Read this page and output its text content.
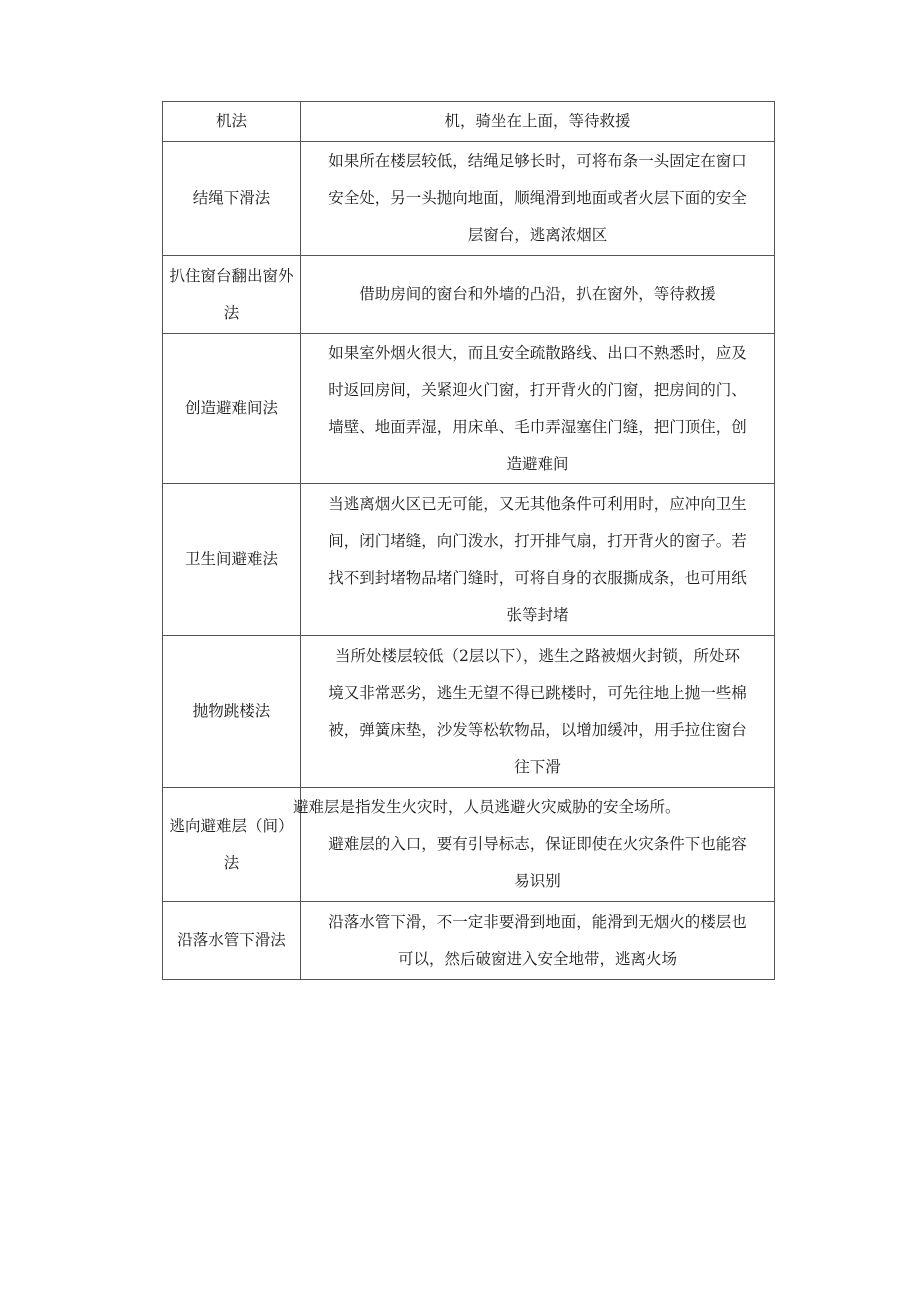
机法	机，骑坐在上面，等待救援

结绳下滑法	如果所在楼层较低，结绳足够长时，可将布条一头固定在窗口
安全处，另一头抛向地面，顺绳滑到地面或者火层下面的安全
层窗台，逃离浓烟区

扒住窗台翻出窗外法	借助房间的窗台和外墙的凸沿，扒在窗外，等待救援

创造避难间法	如果室外烟火很大，而且安全疏散路线、出口不熟悉时，应及
时返回房间，关紧迎火门窗，打开背火的门窗，把房间的门、
墙壁、地面弄湿，用床单、毛巾弄湿塞住门缝，把门顶住，创
造避难间

卫生间避难法	当逃离烟火区已无可能，又无其他条件可利用时，应冲向卫生
间，闭门堵缝，向门泼水，打开排气扇，打开背火的窗子。若
找不到封堵物品堵门缝时，可将自身的衣服撕成条，也可用纸
张等封堵

抛物跳楼法	当所处楼层较低（2层以下），逃生之路被烟火封锁，所处环
境又非常恶劣，逃生无望不得已跳楼时，可先往地上抛一些棉
被，弹簧床垫，沙发等松软物品，以增加缓冲，用手拉住窗台
往下滑

逃向避难层（间）法	避难层是指发生火灾时，人员逃避火灾威胁的安全场所。
避难层的入口，要有引导标志，保证即使在火灾条件下也能容
易识别

沿落水管下滑法	沿落水管下滑，不一定非要滑到地面，能滑到无烟火的楼层也
可以，然后破窗进入安全地带，逃离火场
